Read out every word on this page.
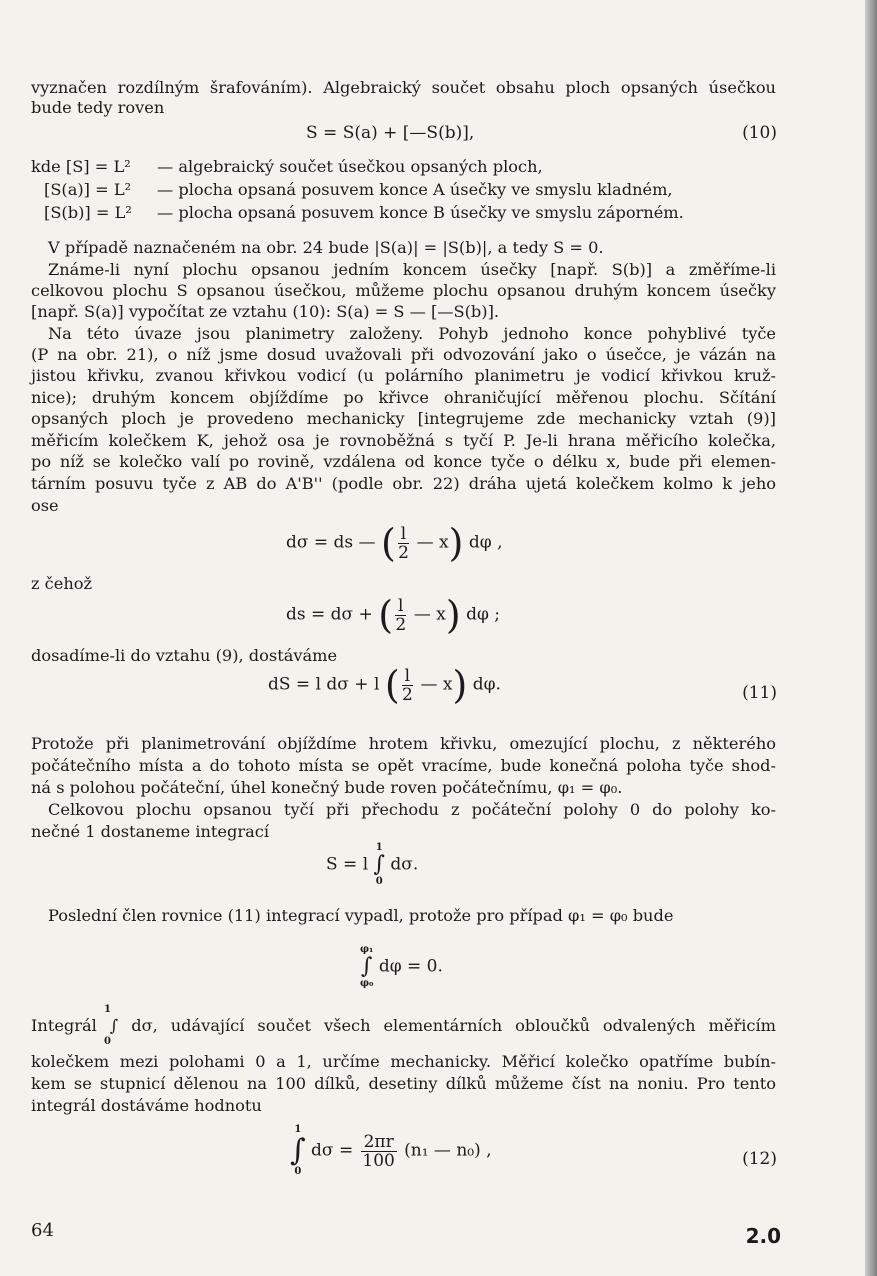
vyznačen rozdílným šrafováním). Algebraický součet obsahu ploch opsaných úsečkou
bude tedy roven
S = S(a) + [—S(b)],	(10)
kde [S] = L² — algebraický součet úsečkou opsaných ploch,
[S(a)] = L² — plocha opsaná posuvem konce A úsečky ve smyslu kladném,
[S(b)] = L² — plocha opsaná posuvem konce B úsečky ve smyslu záporném.
V případě naznačeném na obr. 24 bude |S(a)| = |S(b)|, a tedy S = 0.
Známe-li nyní plochu opsanou jedním koncem úsečky [např. S(b)] a změříme-li
celkovou plochu S opsanou úsečkou, můžeme plochu opsanou druhým koncem úsečky
[např. S(a)] vypočítat ze vztahu (10): S(a) = S — [—S(b)].
Na této úvaze jsou planimetry založeny. Pohyb jednoho konce pohyblivé tyče
(P na obr. 21), o níž jsme dosud uvažovali při odvozování jako o úsečce, je vázán na
jistou křivku, zvanou křivkou vodicí (u polárního planimetru je vodicí křivkou kruž-
nice); druhým koncem objíždíme po křivce ohraničující měřenou plochu. Sčítání
opsaných ploch je provedeno mechanicky [integrujeme zde mechanicky vztah (9)]
měřicím kolečkem K, jehož osa je rovnoběžná s tyčí P. Je-li hrana měřicího kolečka,
po níž se kolečko valí po rovině, vzdálena od konce tyče o délku x, bude při elemen-
tárním posuvu tyče z AB do A'B'' (podle obr. 22) dráha ujetá kolečkem kolmo k jeho
ose
dσ = ds — ( $\frac{l}{2}$ — x) dφ ,
z čehož
ds = dσ + ( $\frac{l}{2}$ — x) dφ ;
dosadíme-li do vztahu (9), dostáváme
dS = l dσ + l ( $\frac{l}{2}$ — x) dφ.	(11)
Protože při planimetrování objíždíme hrotem křivku, omezující plochu, z některého
počátečního místa a do tohoto místa se opět vracíme, bude konečná poloha tyče shod-
ná s polohou počáteční, úhel konečný bude roven počátečnímu, φ₁ = φ₀.
Celkovou plochu opsanou tyčí při přechodu z počáteční polohy 0 do polohy ko-
nečné 1 dostaneme integrací
S = l
1
∫
0
dσ.
Poslední člen rovnice (11) integrací vypadl, protože pro případ φ₁ = φ₀ bude
φ₁
∫
φ₀
dφ = 0.
Integrál ∫ dσ, udávající součet všech elementárních obloučků odvalených měřicím
1
0
kolečkem mezi polohami 0 a 1, určíme mechanicky. Měřicí kolečko opatříme bubín-
kem se stupnicí dělenou na 100 dílků, desetiny dílků můžeme číst na noniu. Pro tento
integrál dostáváme hodnotu
1
∫
0
$d\sigma = \frac{2\pi r}{100} (n_1$ — n₀) ,	(12)
64	2.0
